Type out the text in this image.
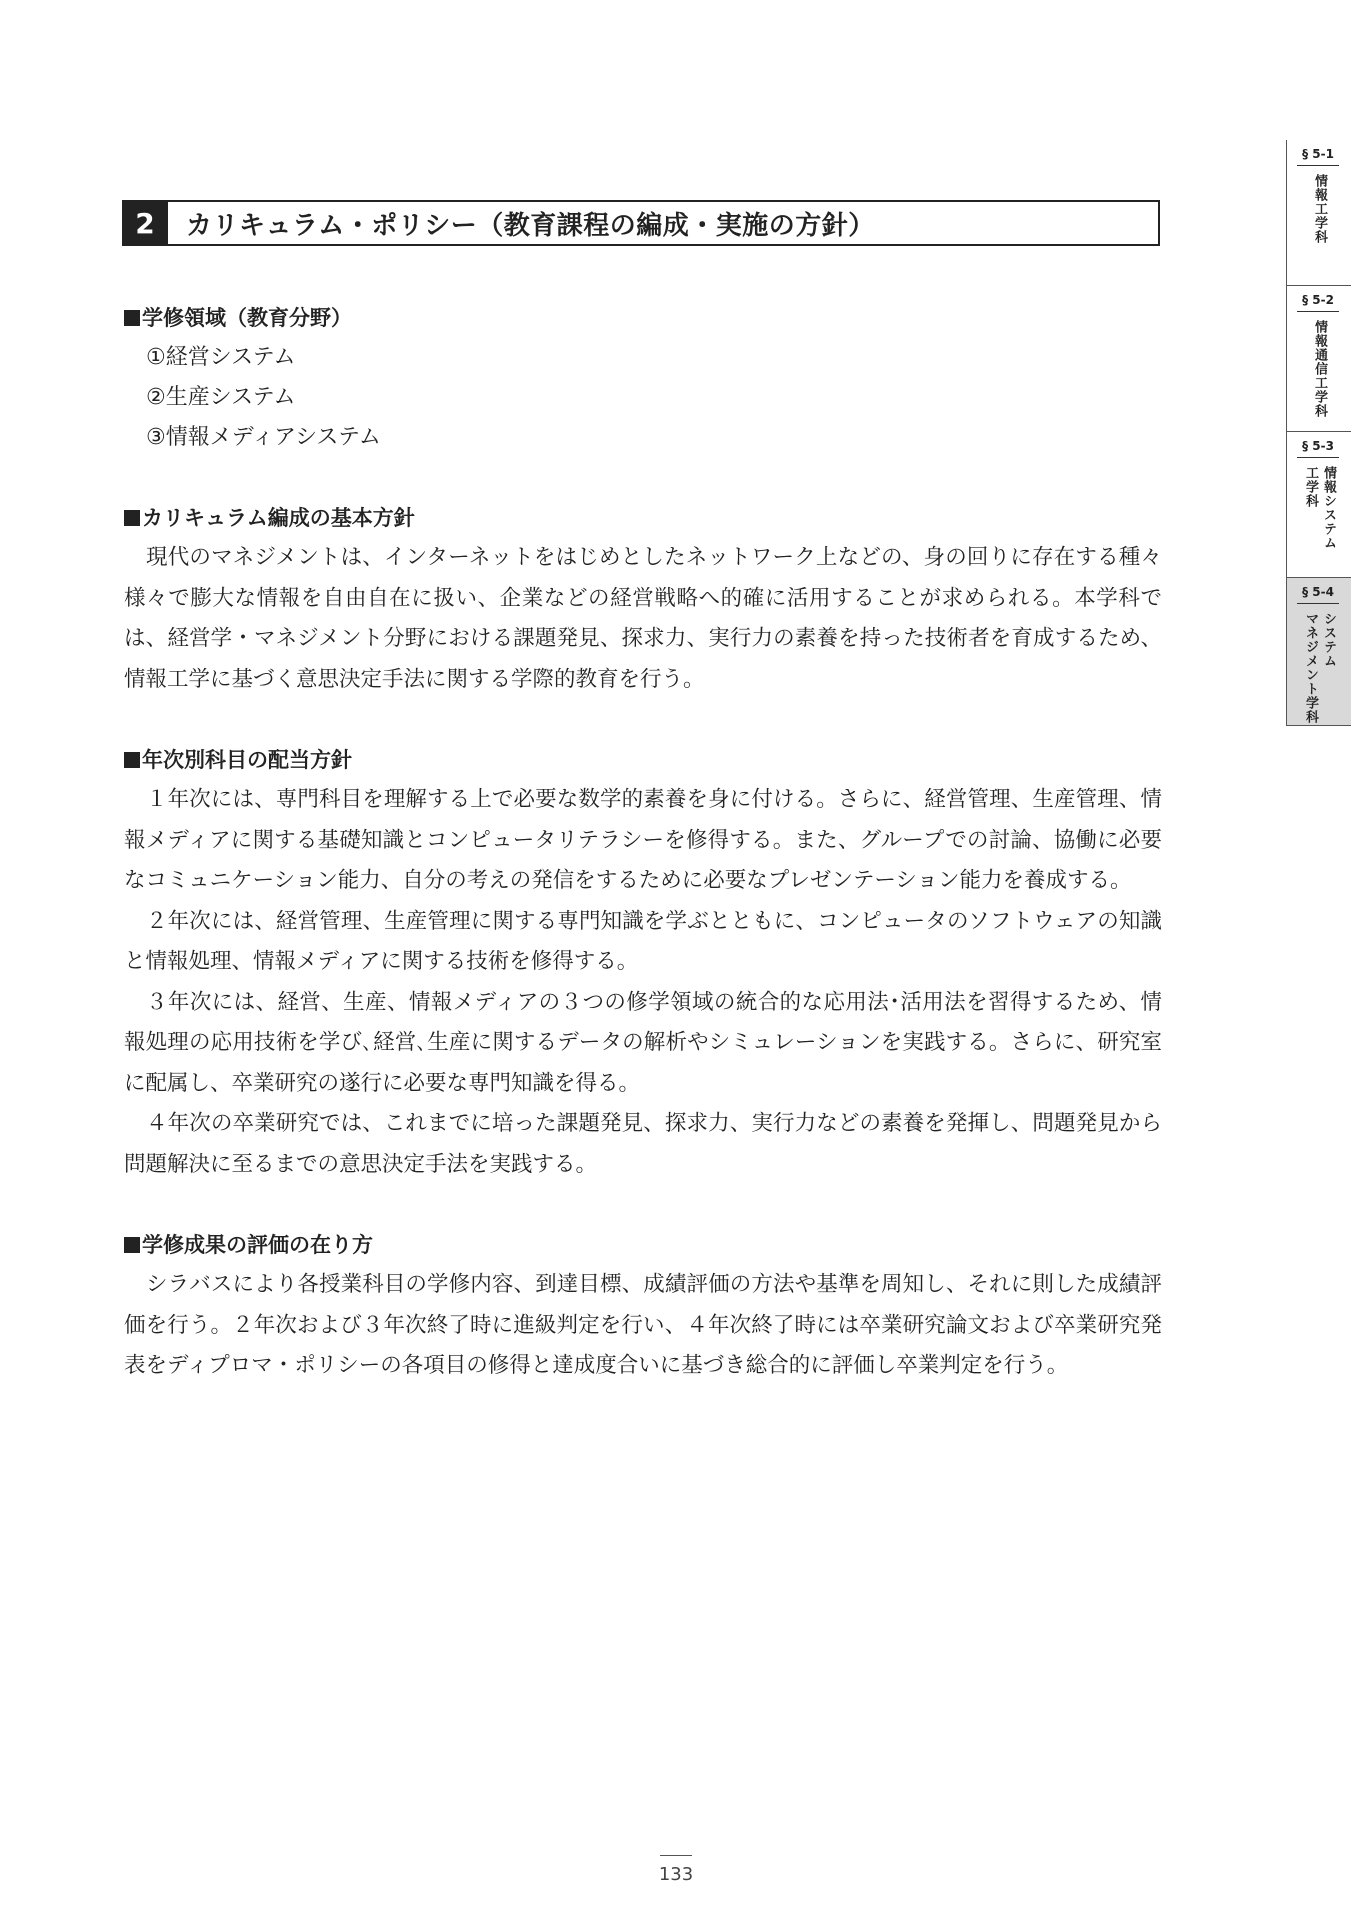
2	カリキュラム・ポリシー（教育課程の編成・実施の方針）
学修領域（教育分野）
①経営システム
②生産システム
③情報メディアシステム
カリキュラム編成の基本方針
現代のマネジメントは、インターネットをはじめとしたネットワーク上などの、身の回りに存在する種々様々で膨大な情報を自由自在に扱い、企業などの経営戦略へ的確に活用することが求められる。本学科では、経営学・マネジメント分野における課題発見、探求力、実行力の素養を持った技術者を育成するため、情報工学に基づく意思決定手法に関する学際的教育を行う。
年次別科目の配当方針
１年次には、専門科目を理解する上で必要な数学的素養を身に付ける。さらに、経営管理、生産管理、情報メディアに関する基礎知識とコンピュータリテラシーを修得する。また、グループでの討論、協働に必要なコミュニケーション能力、自分の考えの発信をするために必要なプレゼンテーション能力を養成する。
２年次には、経営管理、生産管理に関する専門知識を学ぶとともに、コンピュータのソフトウェアの知識と情報処理、情報メディアに関する技術を修得する。
３年次には、経営、生産、情報メディアの３つの修学領域の統合的な応用法･活用法を習得するため、情報処理の応用技術を学び､経営､生産に関するデータの解析やシミュレーションを実践する。さらに、研究室に配属し、卒業研究の遂行に必要な専門知識を得る。
４年次の卒業研究では、これまでに培った課題発見、探求力、実行力などの素養を発揮し、問題発見から問題解決に至るまでの意思決定手法を実践する。
学修成果の評価の在り方
シラバスにより各授業科目の学修内容、到達目標、成績評価の方法や基準を周知し、それに則した成績評価を行う。２年次および３年次終了時に進級判定を行い、４年次終了時には卒業研究論文および卒業研究発表をディプロマ・ポリシーの各項目の修得と達成度合いに基づき総合的に評価し卒業判定を行う。
§ 5-1
情報工学科
§ 5-2
情報通信工学科
§ 5-3
情報システム
工学科
§ 5-4
システム
マネジメント学科
133
